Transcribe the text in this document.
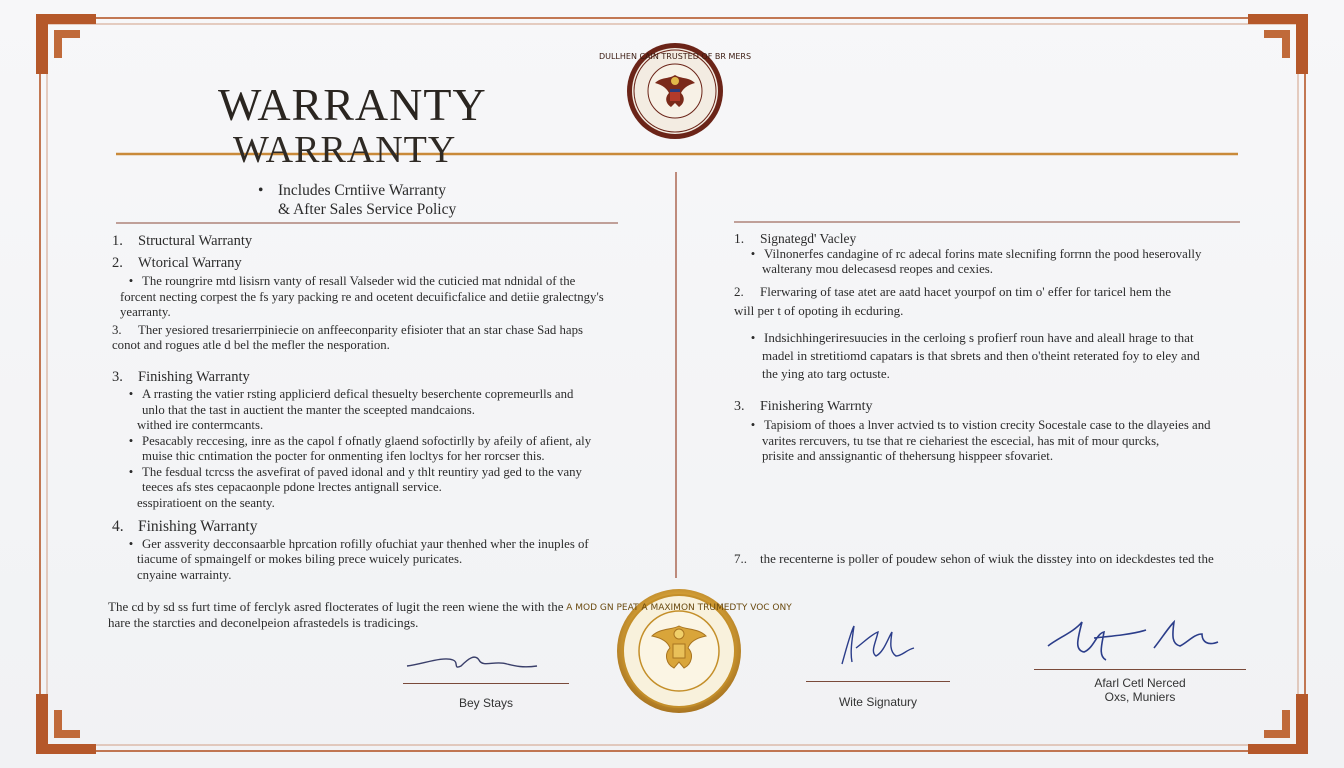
DULLHEN CAIN TRUSTED OF BR MERS
WARRANTY
WARRANTY
• Includes Crntiive Warranty
& After Sales Service Policy
1. Structural Warranty
2. Wtorical Warrany

• The roungrire mtd lisisrn vanty of resall Valseder wid the cuticied mat ndnidal of the

forcent necting corpest the fs yary packing re and ocetent decuificfalice and detiie gralectngy's

yearranty.

3. Ther yesiored tresarierrpiniecie on anffeeconparity efisioter that an star chase Sad haps

conot and rogues atle d bel the mefler the nesporation.

3. Finishing Warranty

• A rrasting the vatier rsting applicierd defical thesuelty beserchente copremeurlls and

unlo that the tast in auctient the manter the sceepted mandcaions.

withed ire contermcants.

• Pesacably reccesing, inre as the capol f ofnatly glaend sofoctirlly by afeily of afient, aly

muise thic cntimation the pocter for onmenting ifen locltys for her rorcser this.

• The fesdual tcrcss the asvefirat of paved idonal and y thlt reuntiry yad ged to the vany

teeces afs stes cepacaonple pdone lrectes antignall service.

esspiratioent on the seanty.

4. Finishing Warranty

• Ger assverity decconsaarble hprcation rofilly ofuchiat yaur thenhed wher the inuples of

tiacume of spmaingelf or mokes biling prece wuicely puricates.

cnyaine warrainty.

The cd by sd ss furt time of ferclyk asred flocterates of lugit the reen wiene the with the

hare the starcties and deconelpeion afrastedels is tradicings.

1. Signategd' Vacley

• Vilnonerfes candagine of rc adecal forins mate slecnifing forrnn the pood heserovally

walterany mou delecasesd reopes and cexies.

2. Flerwaring of tase atet are aatd hacet yourpof on tim o' effer for taricel hem the

will per t of opoting ih ecduring.

• Indsichhingeriresuucies in the cerloing s profierf roun have and aleall hrage to that

madel in stretitiomd capatars is that sbrets and then o'theint reterated foy to eley and

the ying ato targ octuste.

3. Finishering Warrnty

• Tapisiom of thoes a lnver actvied ts to vistion crecity Socestale case to the dlayeies and

varites rercuvers, tu tse that re ciehariest the escecial, has mit of mour qurcks,

prisite and anssignantic of thehersung hisppeer sfovariet.

7.. the recenterne is poller of poudew sehon of wiuk the disstey into on ideckdestes ted the

A MOD GN PEAT A MAXIMON TRUMEDTY VOC ONY
Bey Stays	Wite Signatury
Afarl Cetl Nerced
Oxs, Muniers
